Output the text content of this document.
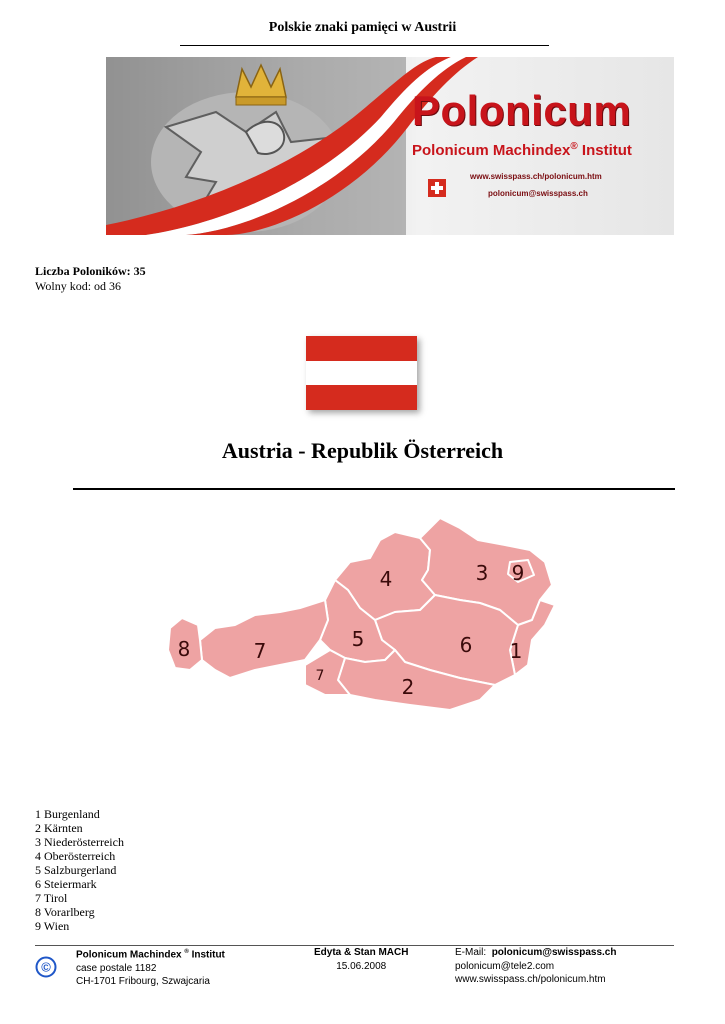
Polskie znaki pamięci w Austrii
Polonicum
Polonicum Machindex® Institut
www.swisspass.ch/polonicum.htm
polonicum@swisspass.ch
Liczba Poloników: 35
Wolny kod: od 36
Austria - Republik Österreich
4	3 9
5	6 1
8	7
7	2
1 Burgenland
2 Kärnten
3 Niederösterreich
4 Oberösterreich
5 Salzburgerland
6 Steiermark
7 Tirol
8 Vorarlberg
9 Wien
©
Polonicum Machindex ® Institut
case postale 1182
CH-1701 Fribourg, Szwajcaria
Edyta & Stan MACH
15.06.2008
E-Mail: polonicum@swisspass.ch
polonicum@tele2.com
www.swisspass.ch/polonicum.htm
